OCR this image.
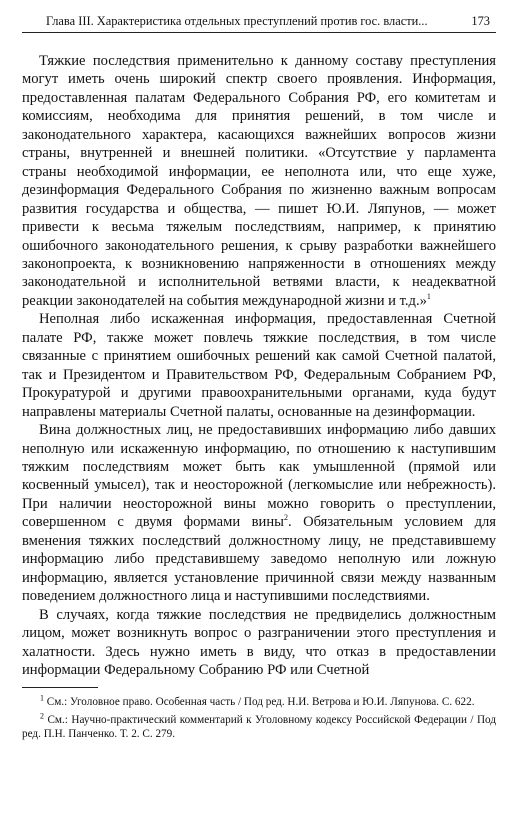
Глава III. Характеристика отдельных преступлений против гос. власти...	173

Тяжкие последствия применительно к данному составу преступления могут иметь очень широкий спектр своего проявления. Информация, предоставленная палатам Федерального Собрания РФ, его комитетам и комиссиям, необходима для принятия решений, в том числе и законодательного характера, касающихся важнейших вопросов жизни страны, внутренней и внешней политики. «Отсутствие у парламента страны необходимой информации, ее неполнота или, что еще хуже, дезинформация Федерального Собрания по жизненно важным вопросам развития государства и общества, — пишет Ю.И. Ляпунов, — может привести к весьма тяжелым последствиям, например, к принятию ошибочного законодательного решения, к срыву разработки важнейшего законопроекта, к возникновению напряженности в отношениях между законодательной и исполнительной ветвями власти, к неадекватной реакции законодателей на события международной жизни и т.д.»$^1$

Неполная либо искаженная информация, предоставленная Счетной палате РФ, также может повлечь тяжкие последствия, в том числе связанные с принятием ошибочных решений как самой Счетной палатой, так и Президентом и Правительством РФ, Федеральным Собранием РФ, Прокуратурой и другими правоохранительными органами, куда будут направлены материалы Счетной палаты, основанные на дезинформации.

Вина должностных лиц, не предоставивших информацию либо давших неполную или искаженную информацию, по отношению к наступившим тяжким последствиям может быть как умышленной (прямой или косвенный умысел), так и неосторожной (легкомыслие или небрежность). При наличии неосторожной вины можно говорить о преступлении, совершенном с двумя формами вины$^2$. Обязательным условием для вменения тяжких последствий должностному лицу, не представившему информацию либо представившему заведомо неполную или ложную информацию, является установление причинной связи между названным поведением должностного лица и наступившими последствиями.

В случаях, когда тяжкие последствия не предвиделись должностным лицом, может возникнуть вопрос о разграничении этого преступления и халатности. Здесь нужно иметь в виду, что отказ в предоставлении информации Федеральному Собранию РФ или Счетной

$^1$ См.: Уголовное право. Особенная часть / Под ред. Н.И. Ветрова и Ю.И. Ляпунова. С. 622.

$^2$ См.: Научно-практический комментарий к Уголовному кодексу Российской Федерации / Под ред. П.Н. Панченко. Т. 2. С. 279.
